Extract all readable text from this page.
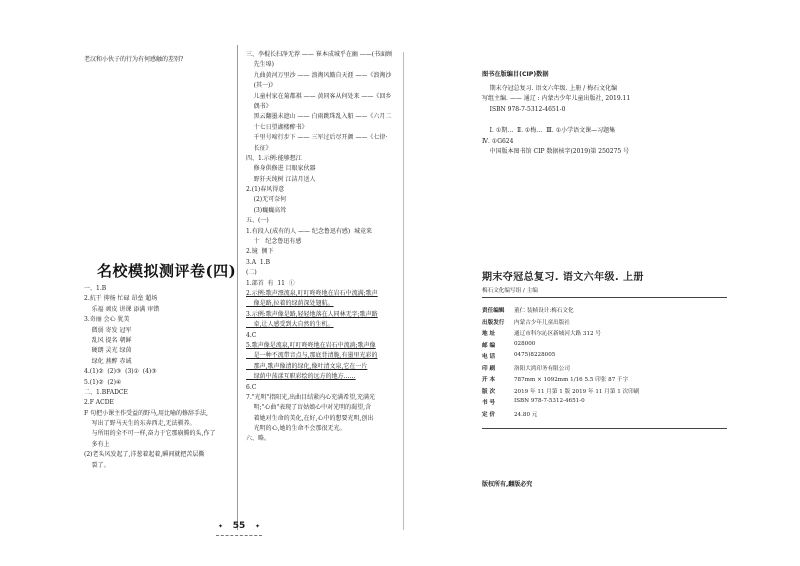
老汉和小伙子的行为有何感触的差别?

名校模拟测评卷(四)
一、1.B
2.抗干 抑扬 忙碌 昂垒 超场
乐福 顽皮 讲课 添满 审错
3.奇丽 会心 犹美
微弱 寄发 冠军
乱风 提名 朝鲜
硬朗 灵光 绿茵
绿化 燕醉 赤诚
4.(1)②  (2)③  (3)①  (4)③
5.(1)②  (2)④
二、1.BFADCE
2.F ACDE
F 句把小课主作受益的野马,用比喻的修辞手法,
写出了野马天生的东奔西走,无法驯养。
与所用的全不可一样,奋力于它那崩腾的头,作了
多有上
(2)老头风发起了,洋葱着起着,瞬间就把苦层撕
裂了。
三、李棍长扫净无荐 —— 崔本成城乎在幽 ——(书面顾
先生埠)
九曲黄河万里沙 —— 浪淘风簸自天涯 ——《浪淘沙
(其一)》
儿童村家在菊都祺 —— 黄同客从何处来 ——《回乡
偶书》
黑云翻墨未遮山 —— 白雨跳珠乱入船 ——《六月二
十七日望湖楼醉书》
千里号啼行步下 —— 三军过后尽开颜 ——《七律·
长征》
四、1.示例:能够想江
修身供修进 目眼家伙器
野犴天纯树 江洁月送人
2.(1)春风得意
(2)无可奈何
(3)巍巍高耸
五、(一)
1.有段人(成有的人 —— 纪念鲁迅有感)  城竟来
十   纪念鲁迅有感
2.镜  侧下
3.A  1.B
(二)
1.部首  有  11  ①
2.示例:歌声漂流泉,叮叮咚咚地在岩石中流满;歌声
像是路,拉着的绿荫深处翅航。
3.示例:歌声像是路,轻轻地落在人同林无字;歌声路
牵,让人感受到大自然的生机。
4.C
5.歌声像是流泉,叮叮咚咚地在岩石中流淌;歌声像
是一种不流带音点与,那底背清脆,有墨里光彩的
那声,歌声像清的绿化,像叶清文泉,它在一片
绿荫中荡漾互职彩绘的远方的地方……
6.C
7."光明"指阳光,出曲目结紧内心充满希望,充满光
明;"心曲"表现了盲姑娘心中对光明的渴望,含
着她对生命的美化,在好,心中的想要光明,创出
光明的心,她的生命不会那很无光。
六、略。
✦	✦
55
图书在版编目(CIP)数据
期末夺冠总复习. 语文六年级. 上册 / 梅石文化编
写组主编. —— 通辽 : 内蒙古少年儿童出版社, 2019.11
ISBN 978-7-5312-4651-0
Ⅰ. ①期…  Ⅱ. ①梅…  Ⅲ. ①小学语文课—习题集
Ⅳ. ①G624
中国版本图书馆 CIP 数据核字(2019)第 250275 号
期末夺冠总复习. 语文六年级. 上册
梅石文化编写组 / 主编
责任编辑	董仁 装帧设计:梅石文化
出版发行	内蒙古少年儿童出版社
地 址	通辽市科尔沁区新城河大路 312 号
邮 编	028000
电 话	0475)8228005
印 刷	洛阳大鸿印务有限公司
开 本	787mm × 1092mm 1/16 5.5 印张 87 千字
版 次	2019 年 11 月第 1 版 2019 年 11 月第 1 次印刷
书 号	ISBN 978-7-5312-4651-0
定 价	24.80 元
版权所有,翻版必究
